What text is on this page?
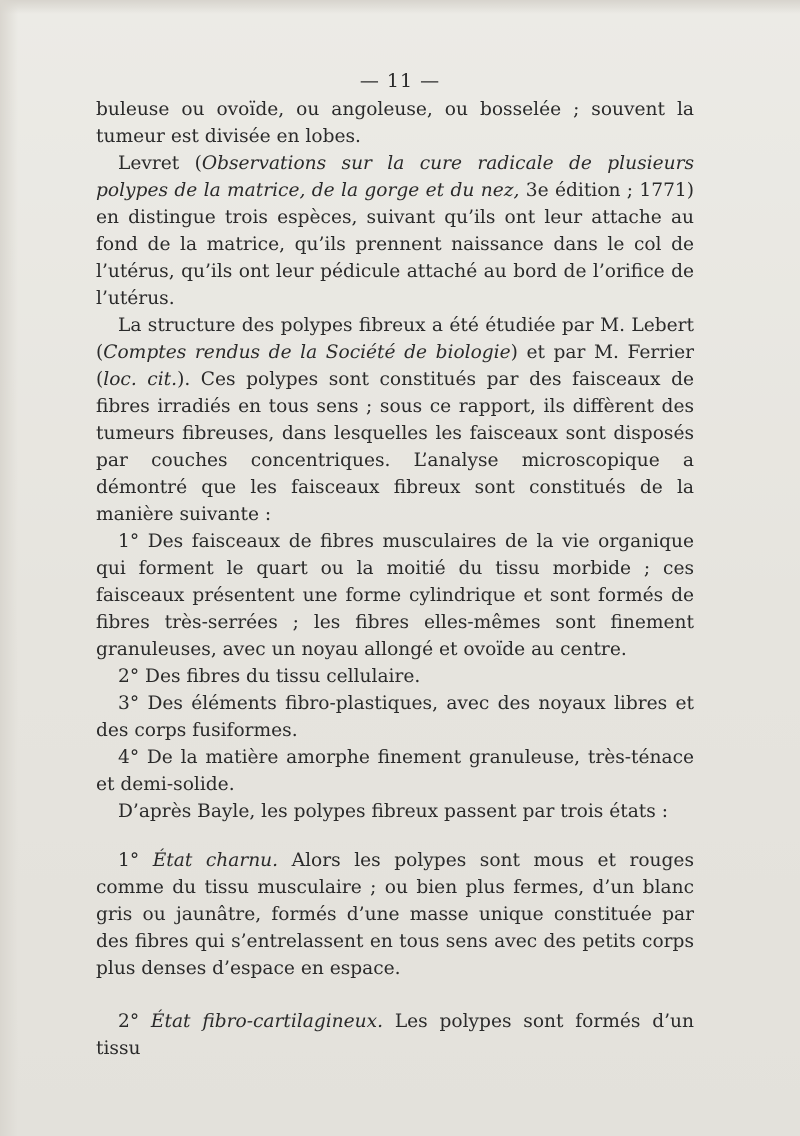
— 11 —

buleuse ou ovoïde, ou angoleuse, ou bosselée ; souvent la tumeur est divisée en lobes.

Levret (Observations sur la cure radicale de plusieurs polypes de la matrice, de la gorge et du nez, 3e édition ; 1771) en distingue trois espèces, suivant qu’ils ont leur attache au fond de la matrice, qu’ils prennent naissance dans le col de l’utérus, qu’ils ont leur pédicule attaché au bord de l’orifice de l’utérus.

La structure des polypes fibreux a été étudiée par M. Lebert (Comptes rendus de la Société de biologie) et par M. Ferrier (loc. cit.). Ces polypes sont constitués par des faisceaux de fibres irradiés en tous sens ; sous ce rapport, ils diffèrent des tumeurs fibreuses, dans lesquelles les faisceaux sont disposés par couches concentriques. L’analyse microscopique a démontré que les faisceaux fibreux sont constitués de la manière suivante :

1° Des faisceaux de fibres musculaires de la vie organique qui forment le quart ou la moitié du tissu morbide ; ces faisceaux présentent une forme cylindrique et sont formés de fibres très-serrées ; les fibres elles-mêmes sont finement granuleuses, avec un noyau allongé et ovoïde au centre.

2° Des fibres du tissu cellulaire.

3° Des éléments fibro-plastiques, avec des noyaux libres et des corps fusiformes.

4° De la matière amorphe finement granuleuse, très-ténace et demi-solide.

D’après Bayle, les polypes fibreux passent par trois états :

1° État charnu. Alors les polypes sont mous et rouges comme du tissu musculaire ; ou bien plus fermes, d’un blanc gris ou jaunâtre, formés d’une masse unique constituée par des fibres qui s’entrelassent en tous sens avec des petits corps plus denses d’espace en espace.

2° État fibro-cartilagineux. Les polypes sont formés d’un tissu
